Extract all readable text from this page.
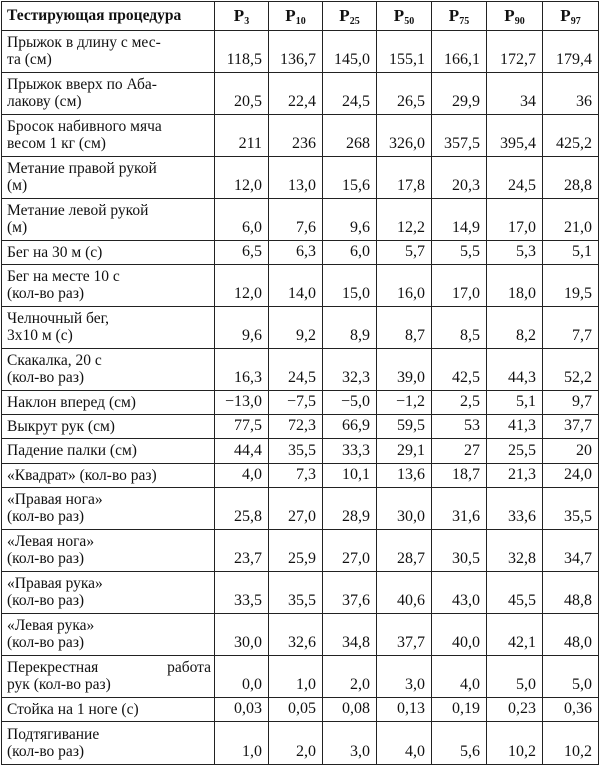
Тестирующая процедура	$P_3$	$P_{10}$	$P_{25}$	$P_{50}$	$P_{75}$	$P_{90}$	$P_{97}$

Прыжок в длину с мес-
та (см)	118,5	136,7	145,0	155,1	166,1	172,7	179,4

Прыжок вверх по Аба-
лакову (см)	20,5	22,4	24,5	26,5	29,9	34	36

Бросок набивного мяча
весом 1 кг (см)	211	236	268	326,0	357,5	395,4	425,2

Метание правой рукой
(м)	12,0	13,0	15,6	17,8	20,3	24,5	28,8

Метание левой рукой
(м)	6,0	7,6	9,6	12,2	14,9	17,0	21,0

Бег на 30 м (с)	6,5	6,3	6,0	5,7	5,5	5,3	5,1

Бег на месте 10 с
(кол-во раз)	12,0	14,0	15,0	16,0	17,0	18,0	19,5

Челночный бег,
3х10 м (с)	9,6	9,2	8,9	8,7	8,5	8,2	7,7

Скакалка, 20 с
(кол-во раз)	16,3	24,5	32,3	39,0	42,5	44,3	52,2

Наклон вперед (см)	−13,0	−7,5	−5,0	−1,2	2,5	5,1	9,7

Выкрут рук (см)	77,5	72,3	66,9	59,5	53	41,3	37,7

Падение палки (см)	44,4	35,5	33,3	29,1	27	25,5	20

«Квадрат» (кол-во раз)	4,0	7,3	10,1	13,6	18,7	21,3	24,0

«Правая нога»
(кол-во раз)	25,8	27,0	28,9	30,0	31,6	33,6	35,5

«Левая нога»
(кол-во раз)	23,7	25,9	27,0	28,7	30,5	32,8	34,7

«Правая рука»
(кол-во раз)	33,5	35,5	37,6	40,6	43,0	45,5	48,8

«Левая рука»
(кол-во раз)	30,0	32,6	34,8	37,7	40,0	42,1	48,0

Перекрестная работа
рук (кол-во раз)	0,0	1,0	2,0	3,0	4,0	5,0	5,0

Стойка на 1 ноге (с)	0,03	0,05	0,08	0,13	0,19	0,23	0,36

Подтягивание
(кол-во раз)	1,0	2,0	3,0	4,0	5,6	10,2	10,2
